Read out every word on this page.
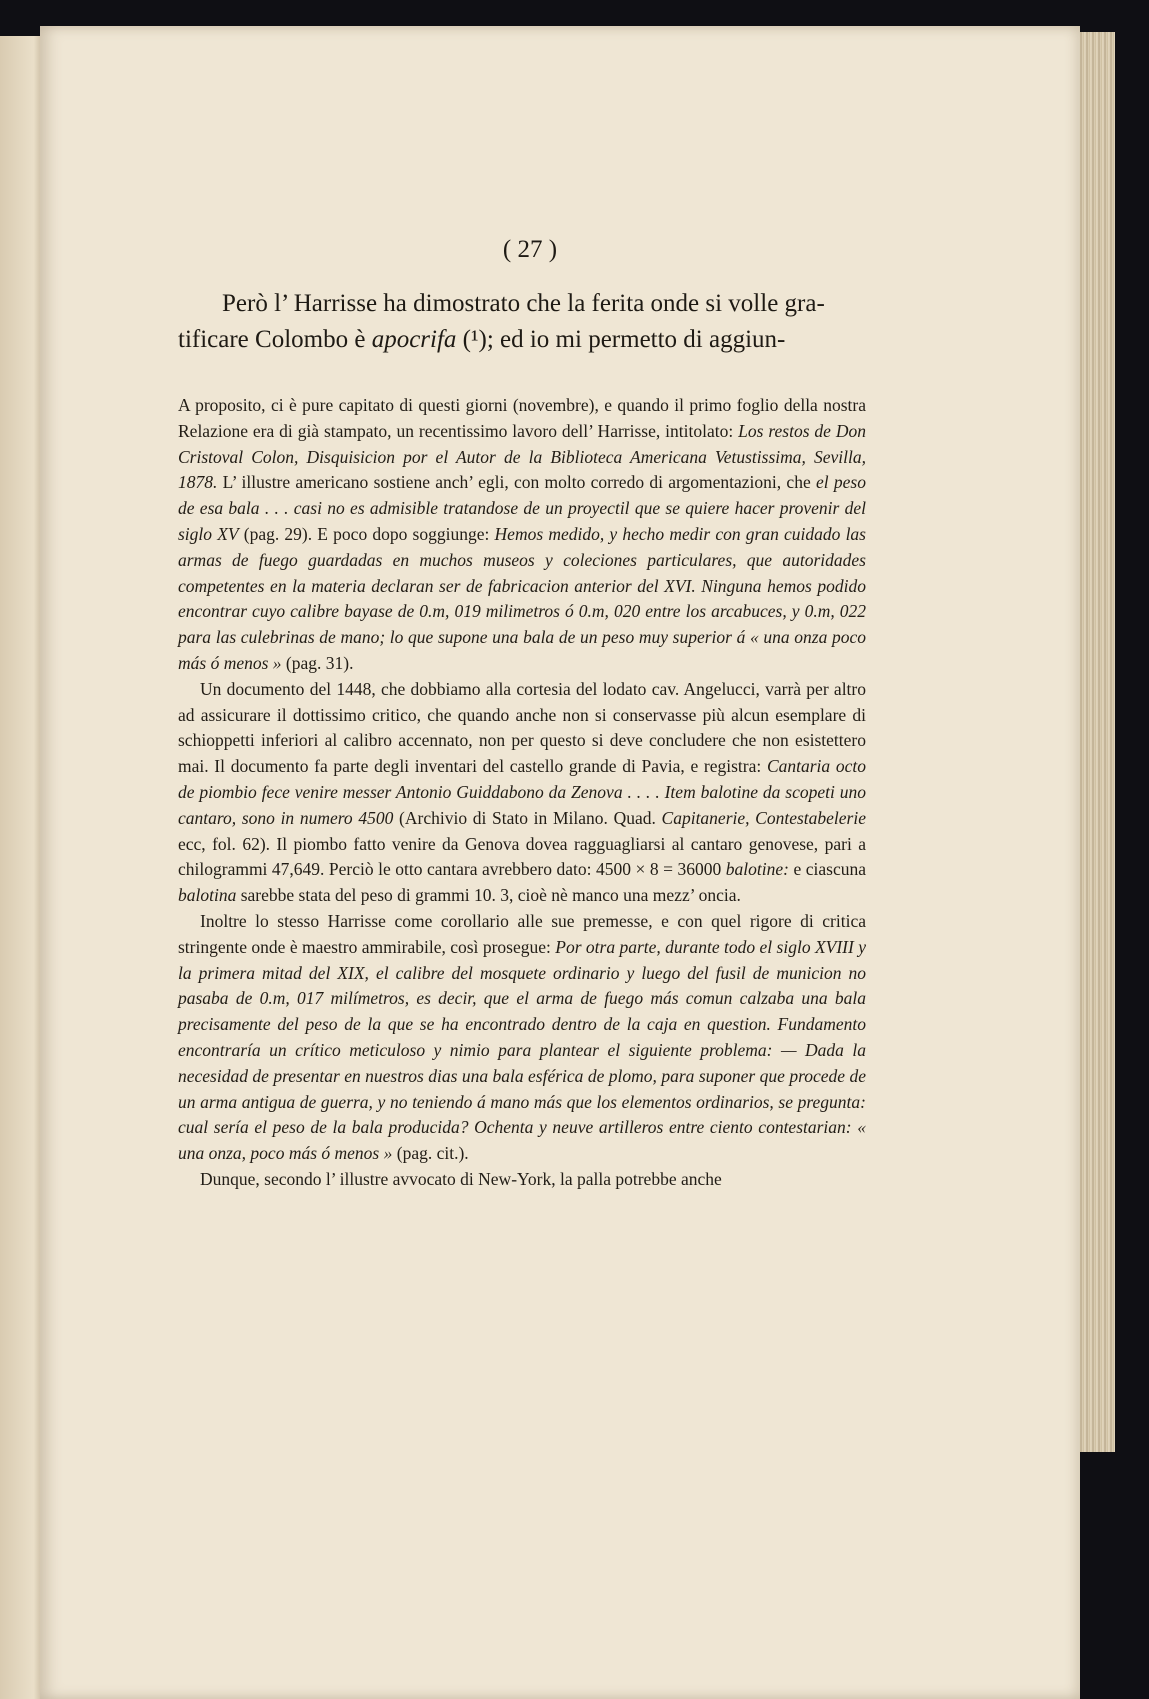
( 27 )
Però l’ Harrisse ha dimostrato che la ferita onde si volle gra-
tificare Colombo è apocrifa (¹); ed io mi permetto di aggiun-

A proposito, ci è pure capitato di questi giorni (novembre), e quando il primo foglio della nostra Relazione era di già stampato, un recentissimo lavoro dell’ Harrisse, intitolato: Los restos de Don Cristoval Colon, Disquisicion por el Autor de la Biblioteca Americana Vetustissima, Sevilla, 1878. L’ illustre americano sostiene anch’ egli, con molto corredo di argomentazioni, che el peso de esa bala . . . casi no es admisible tratandose de un proyectil que se quiere hacer provenir del siglo XV (pag. 29). E poco dopo soggiunge: Hemos medido, y hecho medir con gran cuidado las armas de fuego guardadas en muchos museos y coleciones particulares, que autoridades competentes en la materia declaran ser de fabricacion anterior del XVI. Ninguna hemos podido encontrar cuyo calibre bayase de 0.m, 019 milimetros ó 0.m, 020 entre los arcabuces, y 0.m, 022 para las culebrinas de mano; lo que supone una bala de un peso muy superior á « una onza poco más ó menos » (pag. 31).

Un documento del 1448, che dobbiamo alla cortesia del lodato cav. Angelucci, varrà per altro ad assicurare il dottissimo critico, che quando anche non si conservasse più alcun esemplare di schioppetti inferiori al calibro accennato, non per questo si deve concludere che non esistettero mai. Il documento fa parte degli inventari del castello grande di Pavia, e registra: Cantaria octo de piombio fece venire messer Antonio Guiddabono da Zenova . . . . Item balotine da scopeti uno cantaro, sono in numero 4500 (Archivio di Stato in Milano. Quad. Capitanerie, Contestabelerie ecc, fol. 62). Il piombo fatto venire da Genova dovea ragguagliarsi al cantaro genovese, pari a chilogrammi 47,649. Perciò le otto cantara avrebbero dato: 4500 × 8 = 36000 balotine: e ciascuna balotina sarebbe stata del peso di grammi 10. 3, cioè nè manco una mezz’ oncia.

Inoltre lo stesso Harrisse come corollario alle sue premesse, e con quel rigore di critica stringente onde è maestro ammirabile, così prosegue: Por otra parte, durante todo el siglo XVIII y la primera mitad del XIX, el calibre del mosquete ordinario y luego del fusil de municion no pasaba de 0.m, 017 milímetros, es decir, que el arma de fuego más comun calzaba una bala precisamente del peso de la que se ha encontrado dentro de la caja en question. Fundamento encontraría un crítico meticuloso y nimio para plantear el siguiente problema: — Dada la necesidad de presentar en nuestros dias una bala esférica de plomo, para suponer que procede de un arma antigua de guerra, y no teniendo á mano más que los elementos ordinarios, se pregunta: cual sería el peso de la bala producida? Ochenta y neuve artilleros entre ciento contestarian: « una onza, poco más ó menos » (pag. cit.).

Dunque, secondo l’ illustre avvocato di New-York, la palla potrebbe anche
